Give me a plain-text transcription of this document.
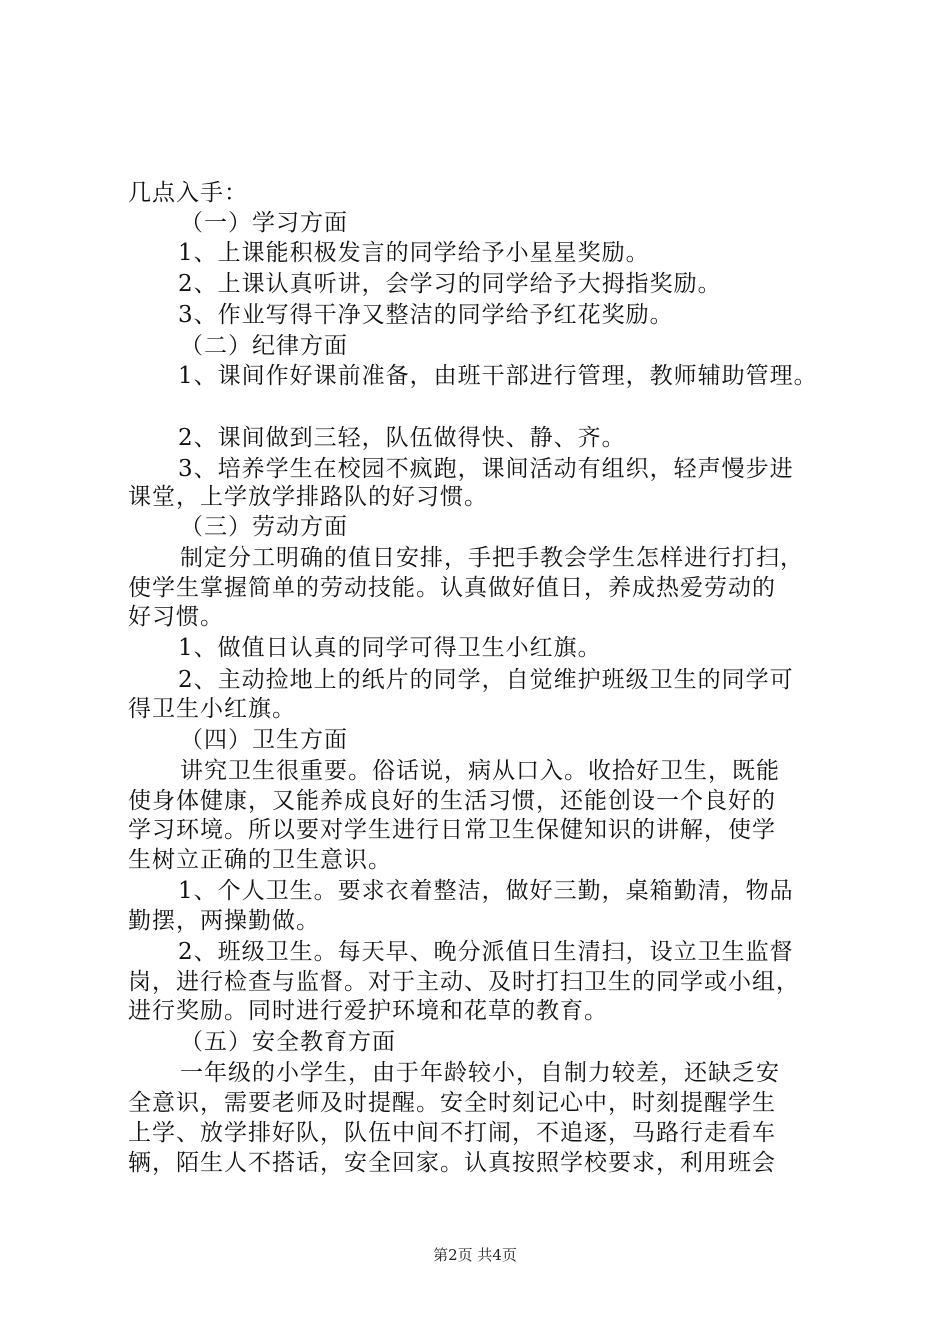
几点入手：
（一）学习方面
1、上课能积极发言的同学给予小星星奖励。
2、上课认真听讲，会学习的同学给予大拇指奖励。
3、作业写得干净又整洁的同学给予红花奖励。
（二）纪律方面
1、课间作好课前准备，由班干部进行管理，教师辅助管理。
2、课间做到三轻，队伍做得快、静、齐。
3、培养学生在校园不疯跑，课间活动有组织，轻声慢步进
课堂，上学放学排路队的好习惯。
（三）劳动方面
制定分工明确的值日安排，手把手教会学生怎样进行打扫，
使学生掌握简单的劳动技能。认真做好值日，养成热爱劳动的
好习惯。
1、做值日认真的同学可得卫生小红旗。
2、主动捡地上的纸片的同学，自觉维护班级卫生的同学可
得卫生小红旗。
（四）卫生方面
讲究卫生很重要。俗话说，病从口入。收拾好卫生，既能
使身体健康，又能养成良好的生活习惯，还能创设一个良好的
学习环境。所以要对学生进行日常卫生保健知识的讲解，使学
生树立正确的卫生意识。
1、个人卫生。要求衣着整洁，做好三勤，桌箱勤清，物品
勤摆，两操勤做。
2、班级卫生。每天早、晚分派值日生清扫，设立卫生监督
岗，进行检查与监督。对于主动、及时打扫卫生的同学或小组，
进行奖励。同时进行爱护环境和花草的教育。
（五）安全教育方面
一年级的小学生，由于年龄较小，自制力较差，还缺乏安
全意识，需要老师及时提醒。安全时刻记心中，时刻提醒学生
上学、放学排好队，队伍中间不打闹，不追逐，马路行走看车
辆，陌生人不搭话，安全回家。认真按照学校要求，利用班会
第2页 共4页
